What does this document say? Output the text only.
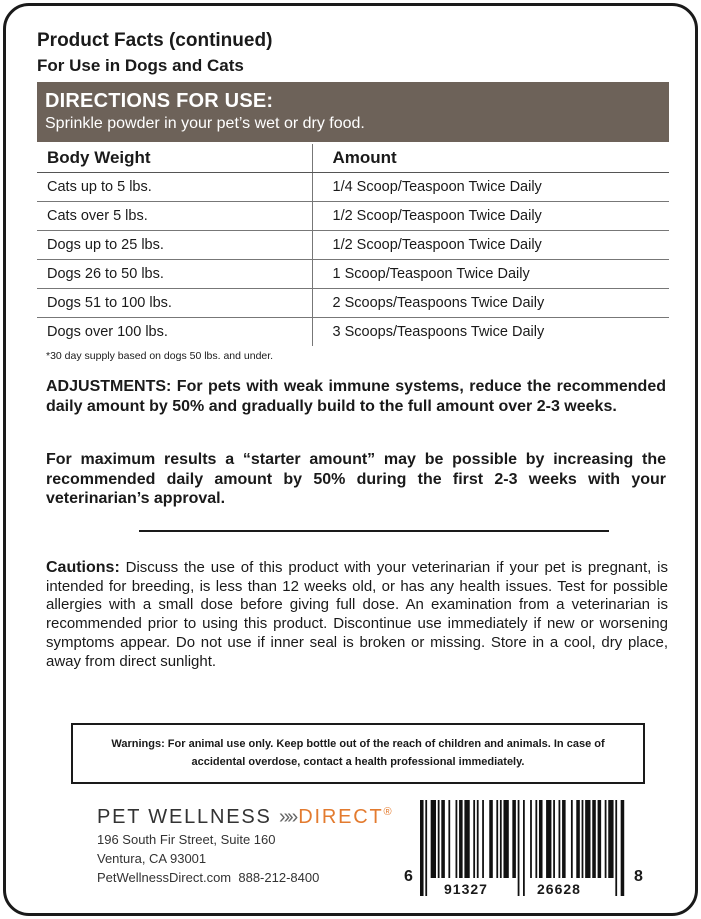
Product Facts (continued)
For Use in Dogs and Cats
DIRECTIONS FOR USE:
Sprinkle powder in your pet’s wet or dry food.
Body Weight	Amount
Cats up to 5 lbs.	1/4 Scoop/Teaspoon Twice Daily
Cats over 5 lbs.	1/2 Scoop/Teaspoon Twice Daily
Dogs up to 25 lbs.	1/2 Scoop/Teaspoon Twice Daily
Dogs 26 to 50 lbs.	1 Scoop/Teaspoon Twice Daily
Dogs 51 to 100 lbs.	2 Scoops/Teaspoons Twice Daily
Dogs over 100 lbs.	3 Scoops/Teaspoons Twice Daily
*30 day supply based on dogs 50 lbs. and under.
ADJUSTMENTS: For pets with weak immune systems, reduce the recommended daily amount by 50% and gradually build to the full amount over 2-3 weeks.
For maximum results a “starter amount” may be possible by increasing the recommended daily amount by 50% during the first 2-3 weeks with your veterinarian’s approval.
Cautions: Discuss the use of this product with your veterinarian if your pet is pregnant, is intended for breeding, is less than 12 weeks old, or has any health issues. Test for possible allergies with a small dose before giving full dose. An examination from a veterinarian is recommended prior to using this product. Discontinue use immediately if new or worsening symptoms appear. Do not use if inner seal is broken or missing. Store in a cool, dry place, away from direct sunlight.
Warnings: For animal use only. Keep bottle out of the reach of children and animals. In case of accidental overdose, contact a health professional immediately.
PET WELLNESS »» DIRECT®
196 South Fir Street, Suite 160
Ventura, CA 93001
PetWellnessDirect.com  888-212-8400	6
91327	26628
8
